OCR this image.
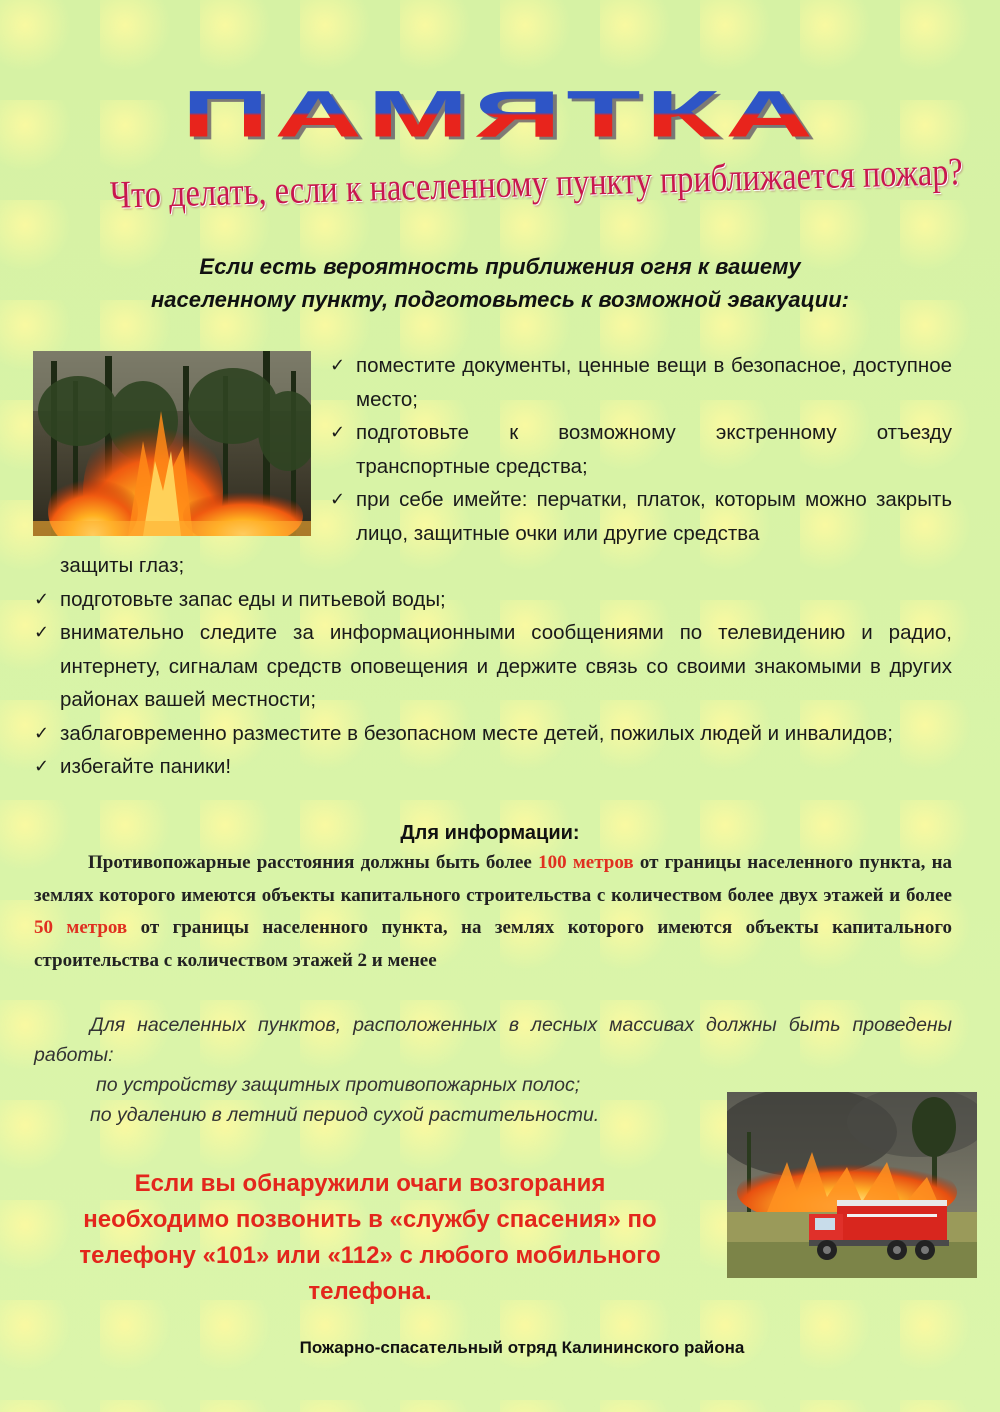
ПАМЯТКА
Что делать, если к населенному пункту приближается пожар?
Если есть вероятность приближения огня к вашему
населенному пункту, подготовьтесь к возможной эвакуации:
✓ поместите документы, ценные вещи в безопасное, доступное место;
✓ подготовьте к возможному экстренному отъезду транспортные средства;
✓ при себе имейте: перчатки, платок, которым можно закрыть лицо, защитные очки или другие средства
защиты глаз;
✓ подготовьте запас еды и питьевой воды;
✓ внимательно следите за информационными сообщениями по телевидению и радио, интернету, сигналам средств оповещения и держите связь со своими знакомыми в других районах вашей местности;
✓ заблаговременно разместите в безопасном месте детей, пожилых людей и инвалидов;
✓ избегайте паники!
Для информации:
Противопожарные расстояния должны быть более 100 метров от границы населенного пункта, на землях которого имеются объекты капитального строительства с количеством более двух этажей и более 50 метров от границы населенного пункта, на землях которого имеются объекты капитального строительства с количеством этажей 2 и менее
Для населенных пунктов, расположенных в лесных массивах должны быть проведены работы:
по устройству защитных противопожарных полос;
по удалению в летний период сухой растительности.
Если вы обнаружили очаги возгорания
необходимо позвонить в «службу спасения» по
телефону «101» или «112» с любого мобильного
телефона.
Пожарно-спасательный отряд Калининского района
